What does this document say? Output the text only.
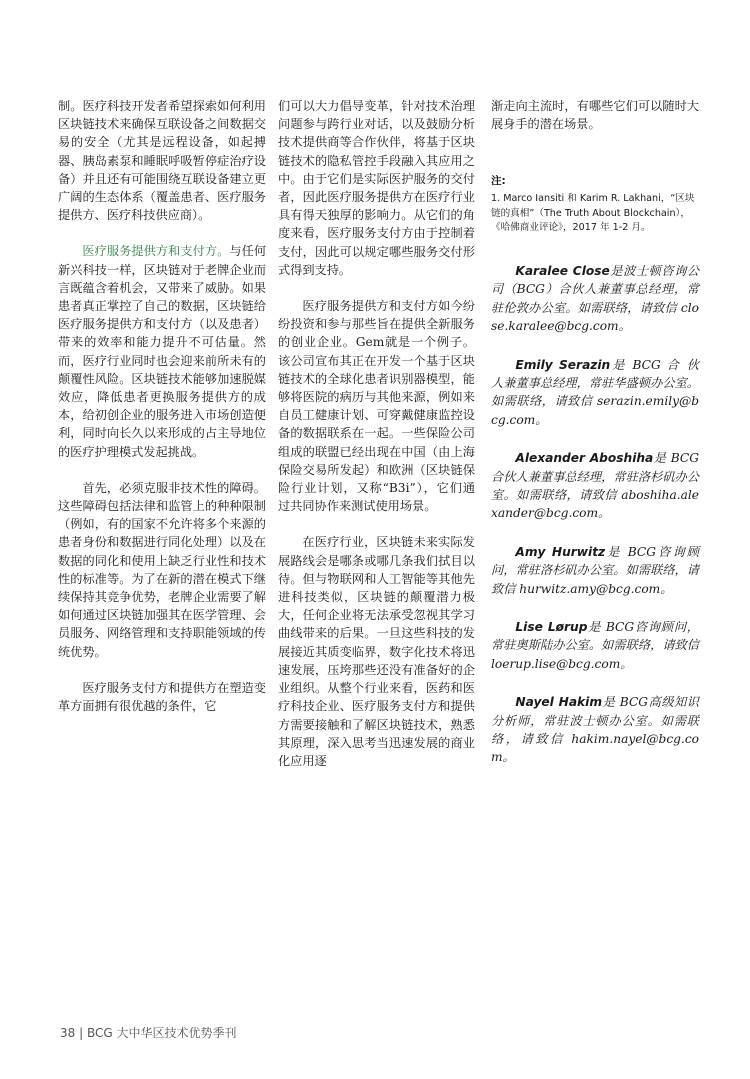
制。医疗科技开发者希望探索如何利用区块链技术来确保互联设备之间数据交易的安全（尤其是远程设备，如起搏器、胰岛素泵和睡眠呼吸暂停症治疗设备）并且还有可能围绕互联设备建立更广阔的生态体系（覆盖患者、医疗服务提供方、医疗科技供应商）。

医疗服务提供方和支付方。与任何新兴科技一样，区块链对于老牌企业而言既蕴含着机会，又带来了威胁。如果患者真正掌控了自己的数据，区块链给医疗服务提供方和支付方（以及患者）带来的效率和能力提升不可估量。然而，医疗行业同时也会迎来前所未有的颠覆性风险。区块链技术能够加速脱媒效应，降低患者更换服务提供方的成本，给初创企业的服务进入市场创造便利，同时向长久以来形成的占主导地位的医疗护理模式发起挑战。

首先，必须克服非技术性的障碍。这些障碍包括法律和监管上的种种限制（例如，有的国家不允许将多个来源的患者身份和数据进行同化处理）以及在数据的同化和使用上缺乏行业性和技术性的标准等。为了在新的潜在模式下继续保持其竞争优势，老牌企业需要了解如何通过区块链加强其在医学管理、会员服务、网络管理和支持职能领域的传统优势。

医疗服务支付方和提供方在塑造变革方面拥有很优越的条件，它

们可以大力倡导变革，针对技术治理问题参与跨行业对话，以及鼓励分析技术提供商等合作伙伴，将基于区块链技术的隐私管控手段融入其应用之中。由于它们是实际医护服务的交付者，因此医疗服务提供方在医疗行业具有得天独厚的影响力。从它们的角度来看，医疗服务支付方由于控制着支付，因此可以规定哪些服务交付形式得到支持。

医疗服务提供方和支付方如今纷纷投资和参与那些旨在提供全新服务的创业企业。Gem就是一个例子。该公司宣布其正在开发一个基于区块链技术的全球化患者识别器模型，能够将医院的病历与其他来源，例如来自员工健康计划、可穿戴健康监控设备的数据联系在一起。一些保险公司组成的联盟已经出现在中国（由上海保险交易所发起）和欧洲（区块链保险行业计划，又称“B3i”），它们通过共同协作来测试使用场景。

在医疗行业，区块链未来实际发展路线会是哪条或哪几条我们拭目以待。但与物联网和人工智能等其他先进科技类似，区块链的颠覆潜力极大，任何企业将无法承受忽视其学习曲线带来的后果。一旦这些科技的发展接近其质变临界，数字化技术将迅速发展，压垮那些还没有准备好的企业组织。从整个行业来看，医药和医疗科技企业、医疗服务支付方和提供方需要接触和了解区块链技术，熟悉其原理，深入思考当迅速发展的商业化应用逐

渐走向主流时，有哪些它们可以随时大展身手的潜在场景。

注:

1. Marco Iansiti 和 Karim R. Lakhani，“区块链的真相”（The Truth About Blockchain），《哈佛商业评论》，2017 年 1-2 月。

Karalee Close是波士顿咨询公司（BCG）合伙人兼董事总经理，常驻伦敦办公室。如需联络，请致信 close.karalee@bcg.com。

Emily Serazin是 BCG 合 伙 人兼董事总经理，常驻华盛顿办公室。如需联络，请致信 serazin.emily@bcg.com。

Alexander Aboshiha是 BCG 合伙人兼董事总经理，常驻洛杉矶办公室。如需联络，请致信 aboshiha.alexander@bcg.com。

Amy Hurwitz是 BCG咨询顾问，常驻洛杉矶办公室。如需联络，请致信 hurwitz.amy@bcg.com。

Lise Lørup是 BCG咨询顾问，常驻奥斯陆办公室。如需联络，请致信 loerup.lise@bcg.com。

Nayel Hakim是 BCG高级知识分析师，常驻波士顿办公室。如需联络，请致信 hakim.nayel@bcg.com。

38 | BCG 大中华区技术优势季刊
